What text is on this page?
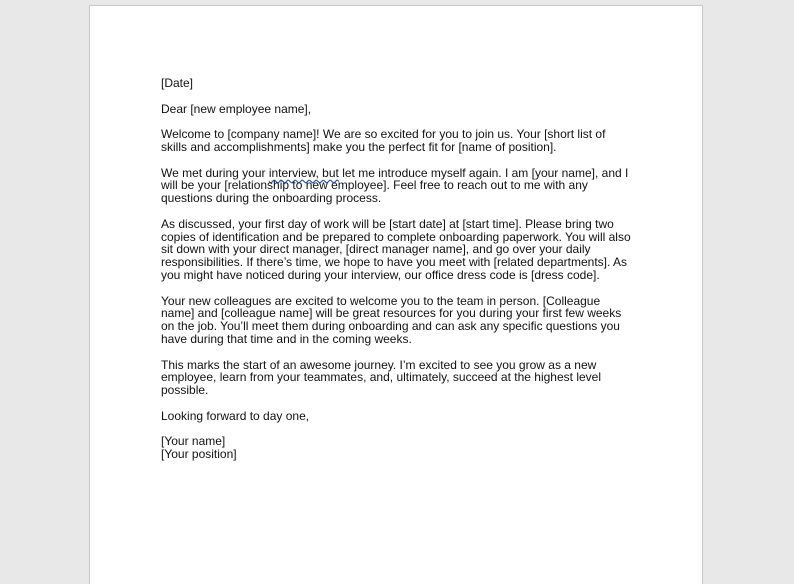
[Date]

Dear [new employee name],

Welcome to [company name]! We are so excited for you to join us. Your [short list of skills and accomplishments] make you the perfect fit for [name of position].

We met during your interview, but let me introduce myself again. I am [your name], and I will be your [relationship to new employee]. Feel free to reach out to me with any questions during the onboarding process.

As discussed, your first day of work will be [start date] at [start time]. Please bring two copies of identification and be prepared to complete onboarding paperwork. You will also sit down with your direct manager, [direct manager name], and go over your daily responsibilities. If there’s time, we hope to have you meet with [related departments]. As you might have noticed during your interview, our office dress code is [dress code].

Your new colleagues are excited to welcome you to the team in person. [Colleague name] and [colleague name] will be great resources for you during your first few weeks on the job. You’ll meet them during onboarding and can ask any specific questions you have during that time and in the coming weeks.

This marks the start of an awesome journey. I’m excited to see you grow as a new employee, learn from your teammates, and, ultimately, succeed at the highest level possible.

Looking forward to day one,

[Your name]

[Your position]
